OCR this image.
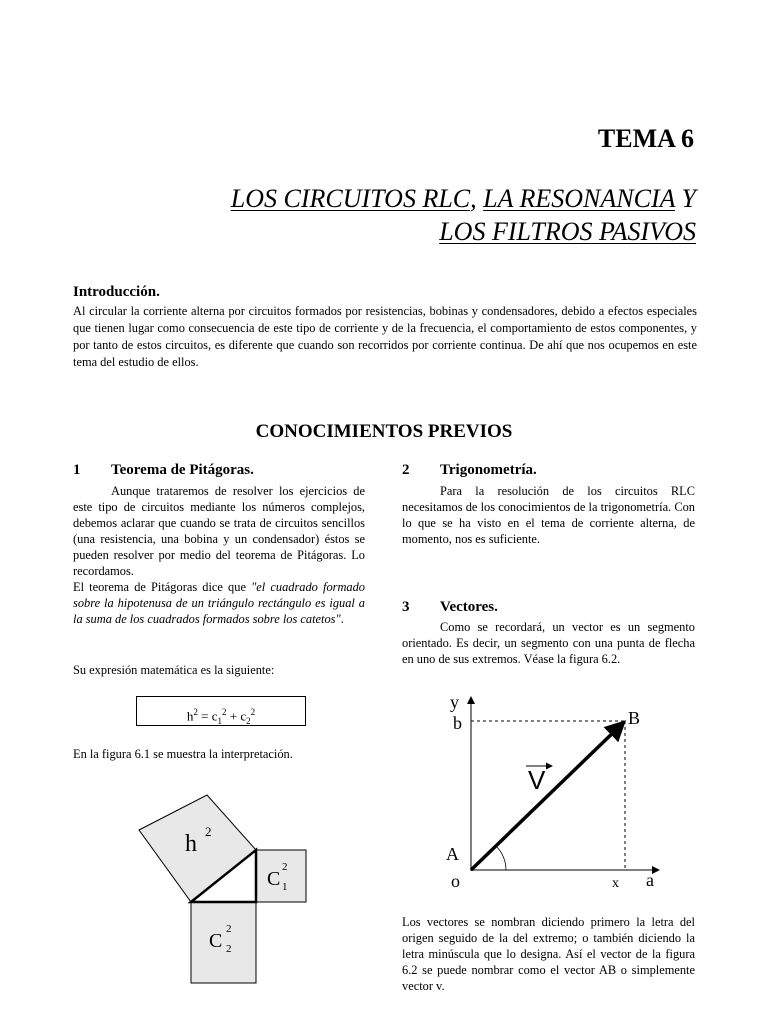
TEMA 6
LOS CIRCUITOS RLC, LA RESONANCIA Y
LOS FILTROS PASIVOS
Introducción.
Al circular la corriente alterna por circuitos formados por resistencias, bobinas y condensadores, debido a efectos especiales que tienen lugar como consecuencia de este tipo de corriente y de la frecuencia, el comportamiento de estos componentes, y por tanto de estos circuitos, es diferente que cuando son recorridos por corriente continua. De ahí que nos ocupemos en este tema del estudio de ellos.
CONOCIMIENTOS PREVIOS
1 Teorema de Pitágoras.

Aunque trataremos de resolver los ejercicios de este tipo de circuitos mediante los números complejos, debemos aclarar que cuando se trata de circuitos sencillos (una resistencia, una bobina y un condensador) éstos se pueden resolver por medio del teorema de Pitágoras. Lo recordamos.

El teorema de Pitágoras dice que "el cuadrado formado sobre la hipotenusa de un triángulo rectángulo es igual a la suma de los cuadrados formados sobre los catetos".

Su expresión matemática es la siguiente:
$h^2 = c_1^2 + c_2^2$
En la figura 6.1 se muestra la interpretación.
h 2
C
2
1
C
2
2
2 Trigonometría.

Para la resolución de los circuitos RLC necesitamos de los conocimientos de la trigonometría. Con lo que se ha visto en el tema de corriente alterna, de momento, nos es suficiente.

3 Vectores.

Como se recordará, un vector es un segmento orientado. Es decir, un segmento con una punta de flecha en uno de sus extremos. Véase la figura 6.2.

y
b	B
V
A
o	x a
Los vectores se nombran diciendo primero la letra del origen seguido de la del extremo; o también diciendo la letra minúscula que lo designa. Así el vector de la figura 6.2 se puede nombrar como el vector AB o simplemente vector v.
